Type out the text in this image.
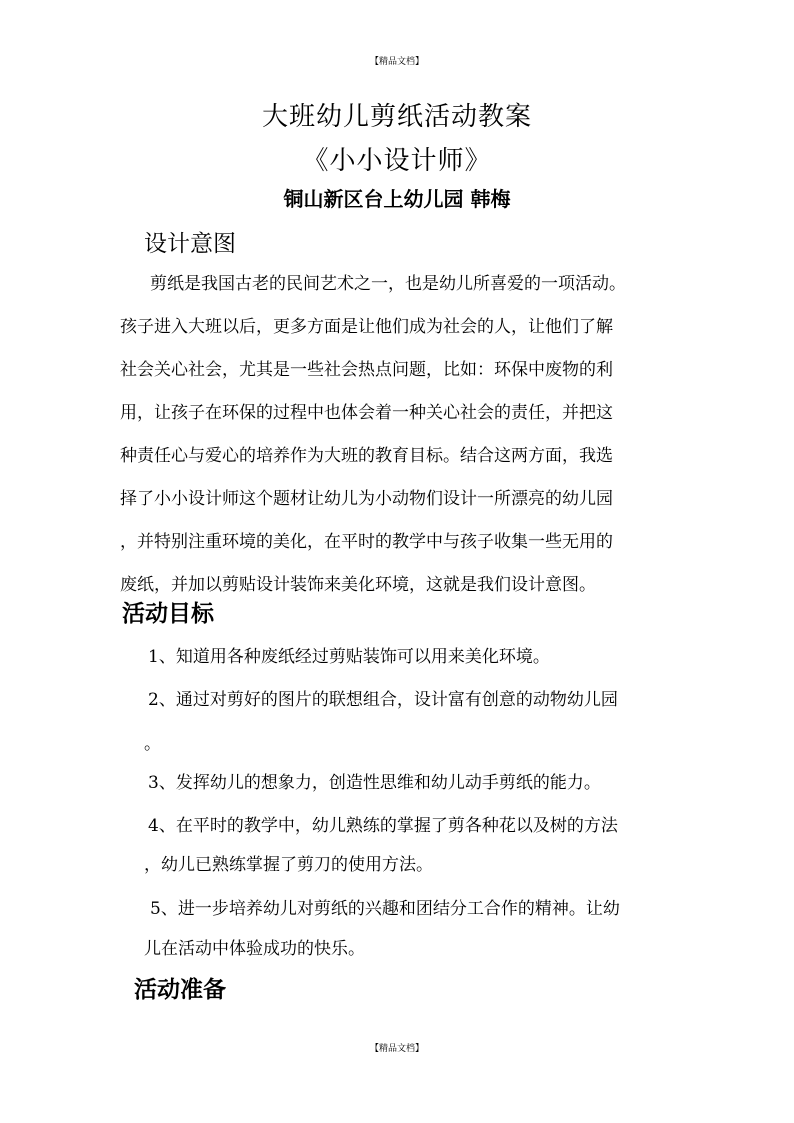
【精品文档】
大班幼儿剪纸活动教案
《小小设计师》
铜山新区台上幼儿园 韩梅
设计意图
剪纸是我国古老的民间艺术之一，也是幼儿所喜爱的一项活动。
孩子进入大班以后，更多方面是让他们成为社会的人，让他们了解
社会关心社会，尤其是一些社会热点问题，比如：环保中废物的利
用，让孩子在环保的过程中也体会着一种关心社会的责任，并把这
种责任心与爱心的培养作为大班的教育目标。结合这两方面，我选
择了小小设计师这个题材让幼儿为小动物们设计一所漂亮的幼儿园
，并特别注重环境的美化，在平时的教学中与孩子收集一些无用的
废纸，并加以剪贴设计装饰来美化环境，这就是我们设计意图。
活动目标
1、知道用各种废纸经过剪贴装饰可以用来美化环境。
2、通过对剪好的图片的联想组合，设计富有创意的动物幼儿园
。
3、发挥幼儿的想象力，创造性思维和幼儿动手剪纸的能力。
4、在平时的教学中，幼儿熟练的掌握了剪各种花以及树的方法
，幼儿已熟练掌握了剪刀的使用方法。
5、进一步培养幼儿对剪纸的兴趣和团结分工合作的精神。让幼
儿在活动中体验成功的快乐。
活动准备
【精品文档】
